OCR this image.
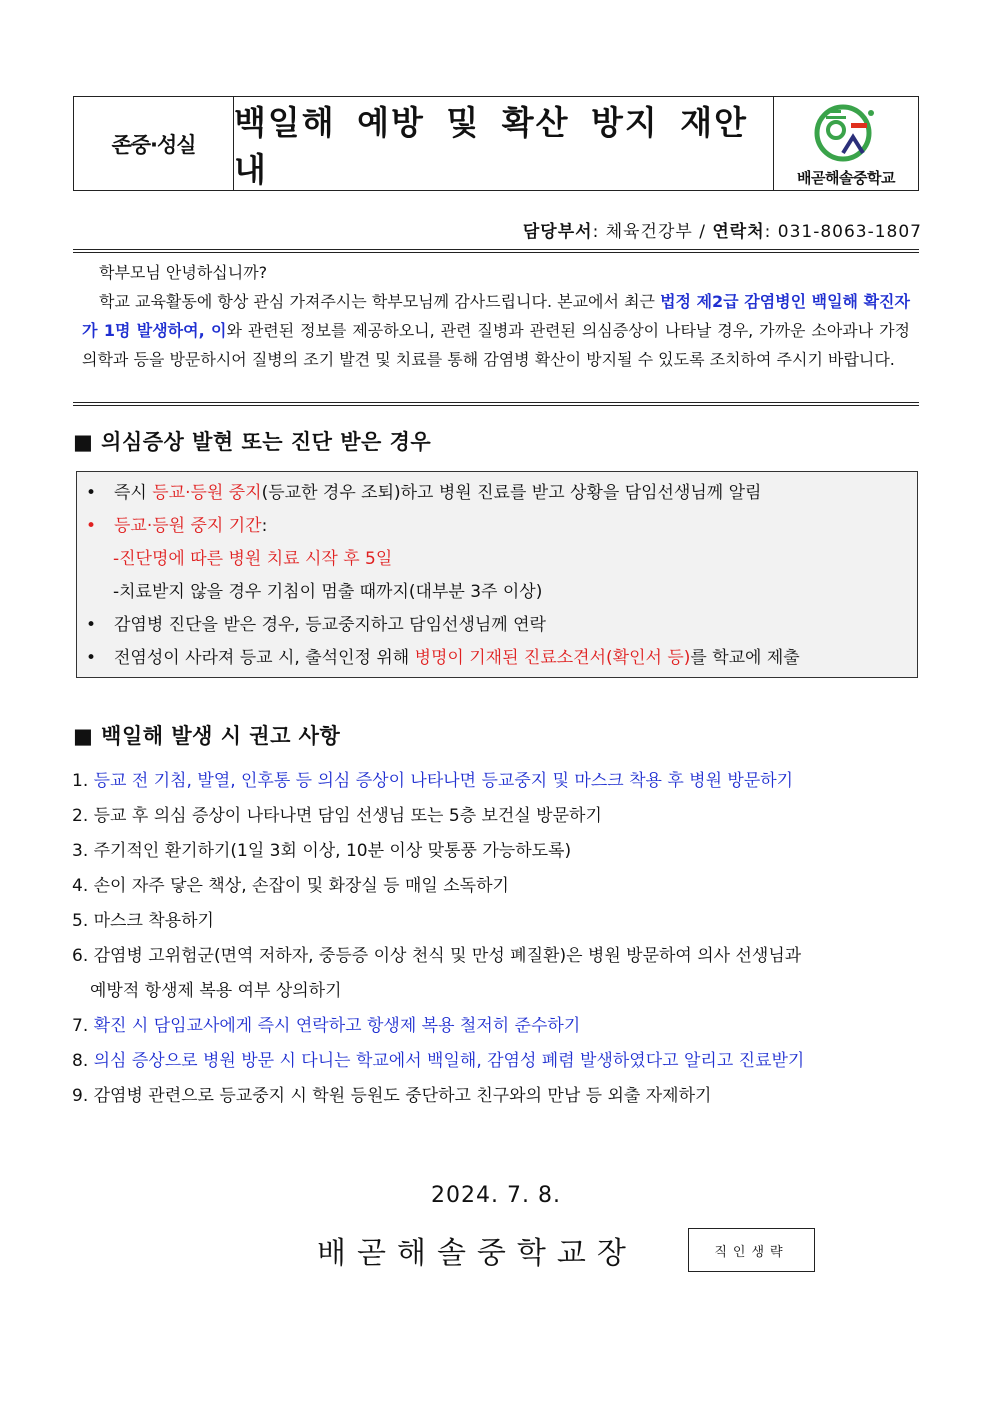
존중·성실
백일해 예방 및 확산 방지 재안내	배곧해솔중학교
담당부서: 체육건강부 / 연락처: 031-8063-1807

학부모님 안녕하십니까?

학교 교육활동에 항상 관심 가져주시는 학부모님께 감사드립니다. 본교에서 최근 법정 제2급 감염병인 백일해 확진자가 1명 발생하여, 이와 관련된 정보를 제공하오니, 관련 질병과 관련된 의심증상이 나타날 경우, 가까운 소아과나 가정의학과 등을 방문하시어 질병의 조기 발견 및 치료를 통해 감염병 확산이 방지될 수 있도록 조치하여 주시기 바랍니다.

■ 의심증상 발현 또는 진단 받은 경우
• 즉시 등교·등원 중지(등교한 경우 조퇴)하고 병원 진료를 받고 상황을 담임선생님께 알림
• 등교·등원 중지 기간:
-진단명에 따른 병원 치료 시작 후 5일
-치료받지 않을 경우 기침이 멈출 때까지(대부분 3주 이상)
• 감염병 진단을 받은 경우, 등교중지하고 담임선생님께 연락
• 전염성이 사라져 등교 시, 출석인정 위해 병명이 기재된 진료소견서(확인서 등)를 학교에 제출
■ 백일해 발생 시 권고 사항
1. 등교 전 기침, 발열, 인후통 등 의심 증상이 나타나면 등교중지 및 마스크 착용 후 병원 방문하기
2. 등교 후 의심 증상이 나타나면 담임 선생님 또는 5층 보건실 방문하기
3. 주기적인 환기하기(1일 3회 이상, 10분 이상 맞통풍 가능하도록)
4. 손이 자주 닿은 책상, 손잡이 및 화장실 등 매일 소독하기
5. 마스크 착용하기
6. 감염병 고위험군(면역 저하자, 중등증 이상 천식 및 만성 폐질환)은 병원 방문하여 의사 선생님과
예방적 항생제 복용 여부 상의하기
7. 확진 시 담임교사에게 즉시 연락하고 항생제 복용 철저히 준수하기
8. 의심 증상으로 병원 방문 시 다니는 학교에서 백일해, 감염성 폐렴 발생하였다고 알리고 진료받기
9. 감염병 관련으로 등교중지 시 학원 등원도 중단하고 친구와의 만남 등 외출 자제하기
2024. 7. 8.
배곧해솔중학교장	직인생략
